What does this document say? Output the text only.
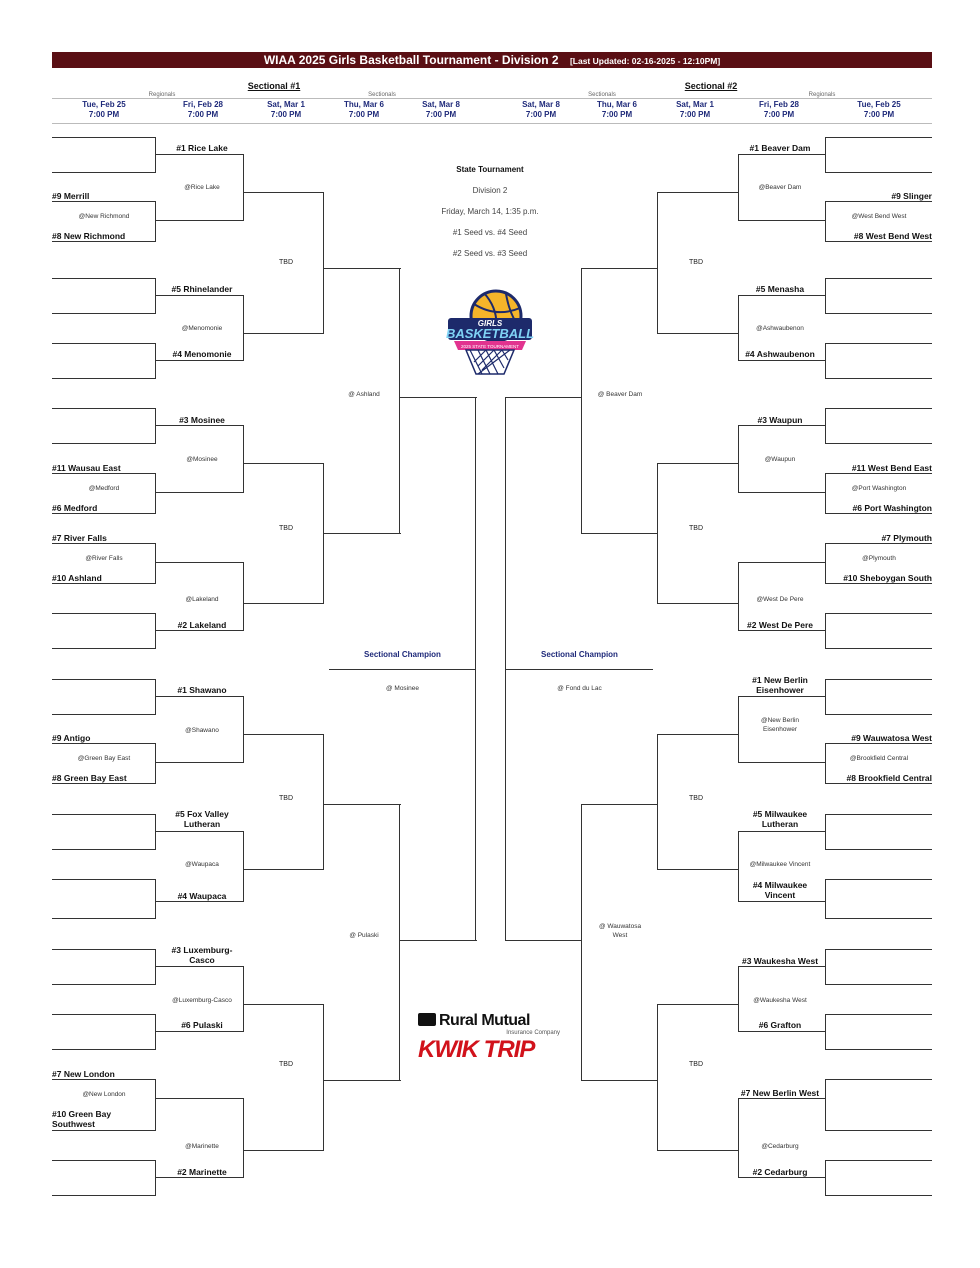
WIAA 2025 Girls Basketball Tournament - Division 2 [Last Updated: 02-16-2025 - 12:10PM]
Sectional #1	Sectional #2
Regionals	Sectionals	Sectionals	Regionals
Tue, Feb 25
7:00 PM
Fri, Feb 28
7:00 PM
Sat, Mar 1
7:00 PM
Thu, Mar 6
7:00 PM
Sat, Mar 8
7:00 PM
Sat, Mar 8
7:00 PM
Thu, Mar 6
7:00 PM
Sat, Mar 1
7:00 PM
Fri, Feb 28
7:00 PM
Tue, Feb 25
7:00 PM
#1 Rice Lake
@Rice Lake
#9 Merrill
@New Richmond
#8 New Richmond
TBD
#5 Rhinelander
@Menomonie
#4 Menomonie
@ Ashland
#3 Mosinee
@Mosinee
#11 Wausau East
@Medford
#6 Medford
TBD
#7 River Falls
@River Falls
#10 Ashland
@Lakeland
#2 Lakeland
Sectional Champion
@ Mosinee
#1 Shawano
@Shawano
#9 Antigo
@Green Bay East
#8 Green Bay East
TBD
#5 Fox Valley
Lutheran
@Waupaca
#4 Waupaca
@ Pulaski
#3 Luxemburg-
Casco
@Luxemburg-Casco
#6 Pulaski
TBD
#7 New London
@New London
#10 Green Bay
Southwest
@Marinette
#2 Marinette
#1 Beaver Dam
@Beaver Dam
#9 Slinger
@West Bend West
#8 West Bend West
TBD
#5 Menasha
@Ashwaubenon
#4 Ashwaubenon
@ Beaver Dam
#3 Waupun
@Waupun
#11 West Bend East
@Port Washington
#6 Port Washington
TBD
#7 Plymouth
@Plymouth
#10 Sheboygan South
@West De Pere
#2 West De Pere
Sectional Champion
@ Fond du Lac
#1 New Berlin
Eisenhower
@New Berlin
Eisenhower
#9 Wauwatosa West
@Brookfield Central
#8 Brookfield Central
TBD
#5 Milwaukee
Lutheran
@Milwaukee Vincent
#4 Milwaukee
Vincent
@ Wauwatosa
West
#3 Waukesha West
@Waukesha West
#6 Grafton
TBD
#7 New Berlin West
@Cedarburg
#2 Cedarburg
State Tournament
Division 2
Friday, March 14, 1:35 p.m.
#1 Seed vs. #4 Seed
#2 Seed vs. #3 Seed
GIRLS
BASKETBALL
2025 STATE TOURNAMENT
Rural Mutual
Insurance Company
KWIK TRIP
